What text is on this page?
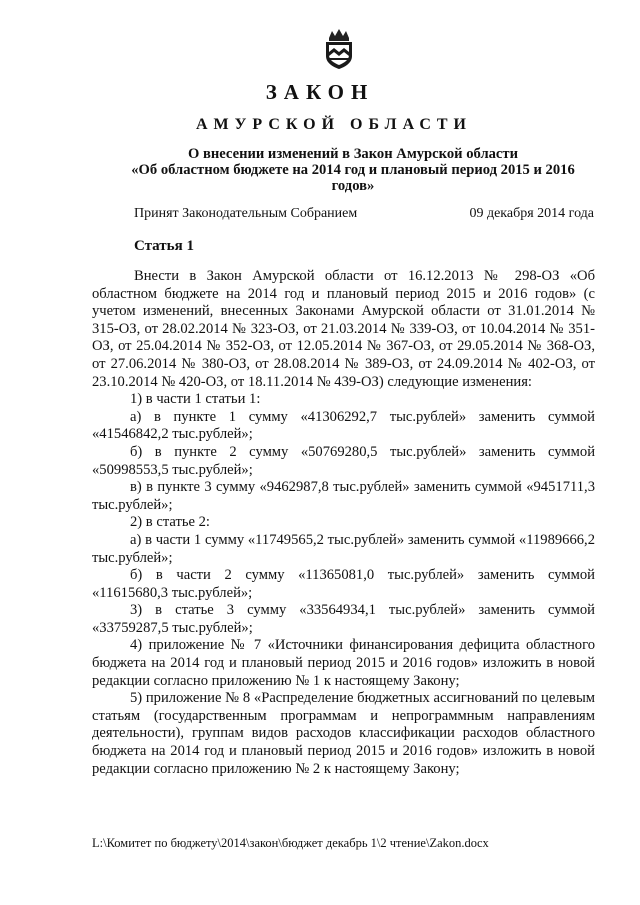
ЗАКОН
АМУРСКОЙ ОБЛАСТИ
О внесении изменений в Закон Амурской области
«Об областном бюджете на 2014 год и плановый период 2015 и 2016 годов»
Принят Законодательным Собранием	09 декабря 2014 года
Статья 1

Внести в Закон Амурской области от 16.12.2013 № 298-ОЗ «Об областном бюджете на 2014 год и плановый период 2015 и 2016 годов» (с учетом изменений, внесенных Законами Амурской области от 31.01.2014 № 315-ОЗ, от 28.02.2014 № 323-ОЗ, от 21.03.2014 № 339-ОЗ, от 10.04.2014 № 351-ОЗ, от 25.04.2014 № 352-ОЗ, от 12.05.2014 № 367-ОЗ, от 29.05.2014 № 368-ОЗ, от 27.06.2014 № 380-ОЗ, от 28.08.2014 № 389-ОЗ, от 24.09.2014 № 402-ОЗ, от 23.10.2014 № 420-ОЗ, от 18.11.2014 № 439-ОЗ) следующие изменения:

1) в части 1 статьи 1:

а) в пункте 1 сумму «41306292,7 тыс.рублей» заменить суммой «41546842,2 тыс.рублей»;

б) в пункте 2 сумму «50769280,5 тыс.рублей» заменить суммой «50998553,5 тыс.рублей»;

в) в пункте 3 сумму «9462987,8 тыс.рублей» заменить суммой «9451711,3 тыс.рублей»;

2) в статье 2:

а) в части 1 сумму «11749565,2 тыс.рублей» заменить суммой «11989666,2 тыс.рублей»;

б) в части 2 сумму «11365081,0 тыс.рублей» заменить суммой «11615680,3 тыс.рублей»;

3) в статье 3 сумму «33564934,1 тыс.рублей» заменить суммой «33759287,5 тыс.рублей»;

4) приложение № 7 «Источники финансирования дефицита областного бюджета на 2014 год и плановый период 2015 и 2016 годов» изложить в новой редакции согласно приложению № 1 к настоящему Закону;

5) приложение № 8 «Распределение бюджетных ассигнований по целевым статьям (государственным программам и непрограммным направлениям деятельности), группам видов расходов классификации расходов областного бюджета на 2014 год и плановый период 2015 и 2016 годов» изложить в новой редакции согласно приложению № 2 к настоящему Закону;

L:\Комитет по бюджету\2014\закон\бюджет декабрь 1\2 чтение\Zakon.docx
